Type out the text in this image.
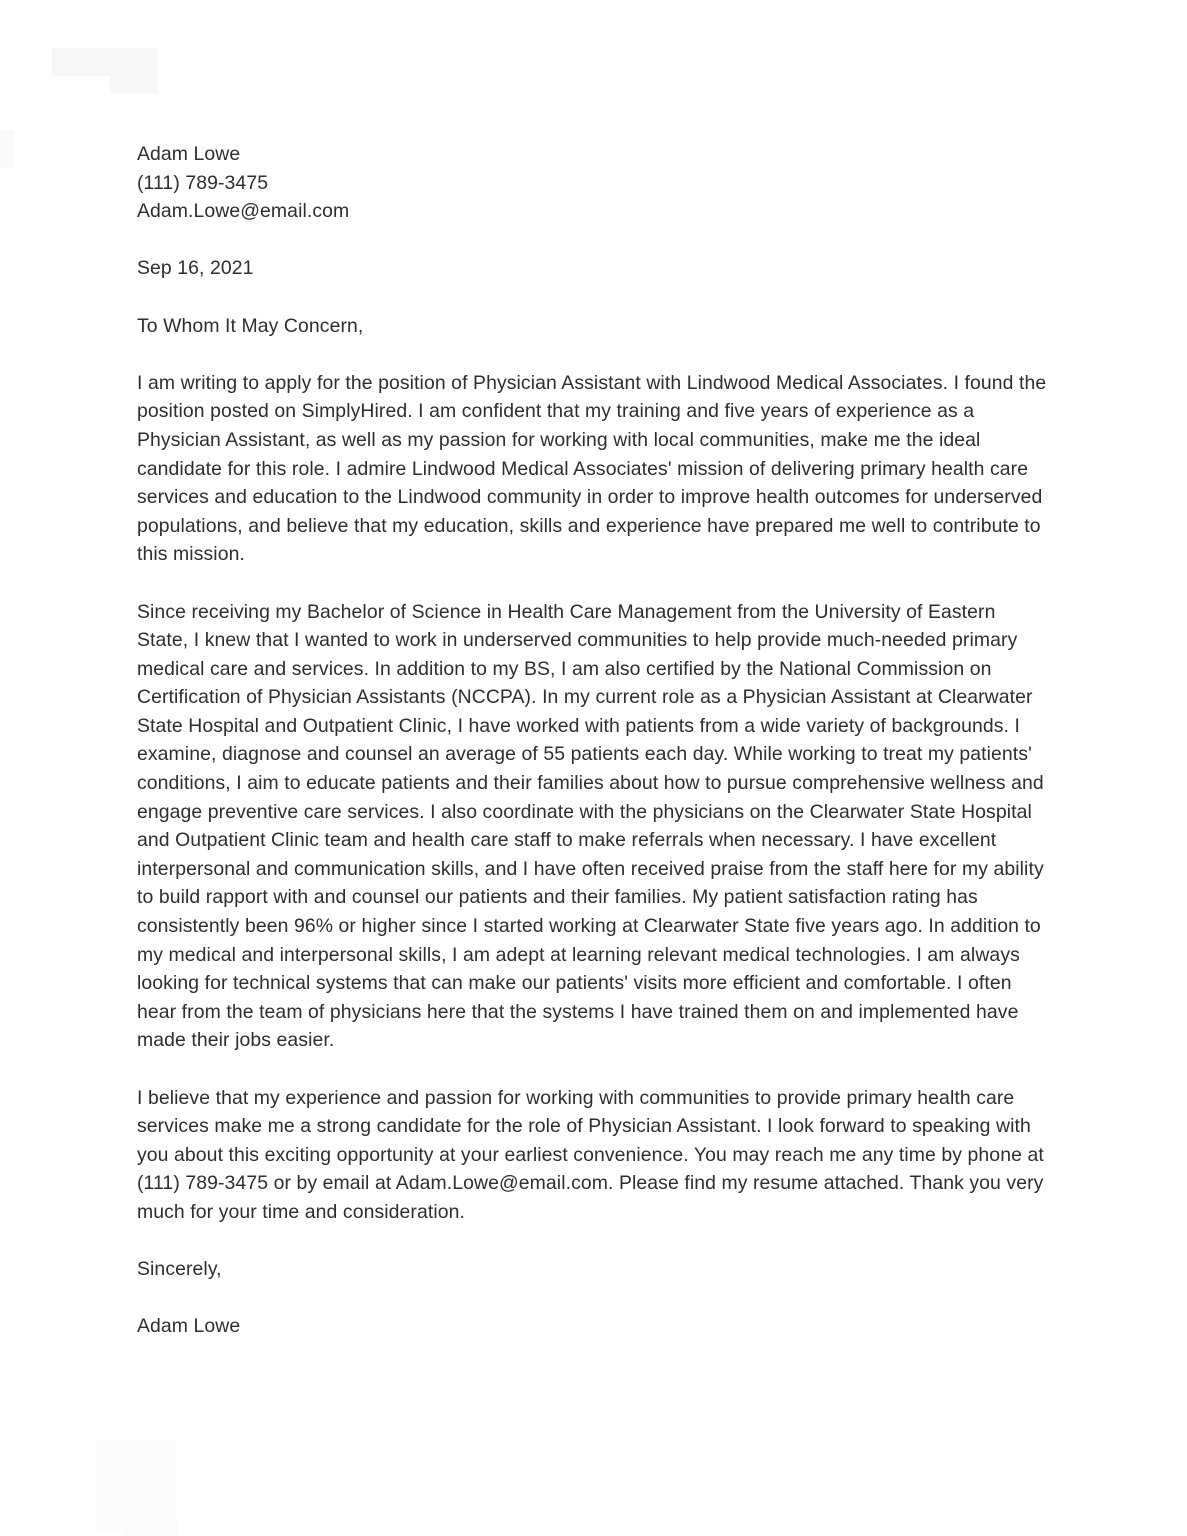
Adam Lowe
(111) 789-3475
Adam.Lowe@email.com

Sep 16, 2021

To Whom It May Concern,

I am writing to apply for the position of Physician Assistant with Lindwood Medical Associates. I found the position posted on SimplyHired. I am confident that my training and five years of experience as a Physician Assistant, as well as my passion for working with local communities, make me the ideal candidate for this role. I admire Lindwood Medical Associates' mission of delivering primary health care services and education to the Lindwood community in order to improve health outcomes for underserved populations, and believe that my education, skills and experience have prepared me well to contribute to this mission.

Since receiving my Bachelor of Science in Health Care Management from the University of Eastern State, I knew that I wanted to work in underserved communities to help provide much-needed primary medical care and services. In addition to my BS, I am also certified by the National Commission on Certification of Physician Assistants (NCCPA). In my current role as a Physician Assistant at Clearwater State Hospital and Outpatient Clinic, I have worked with patients from a wide variety of backgrounds. I examine, diagnose and counsel an average of 55 patients each day. While working to treat my patients' conditions, I aim to educate patients and their families about how to pursue comprehensive wellness and engage preventive care services. I also coordinate with the physicians on the Clearwater State Hospital and Outpatient Clinic team and health care staff to make referrals when necessary. I have excellent interpersonal and communication skills, and I have often received praise from the staff here for my ability to build rapport with and counsel our patients and their families. My patient satisfaction rating has consistently been 96% or higher since I started working at Clearwater State five years ago. In addition to my medical and interpersonal skills, I am adept at learning relevant medical technologies. I am always looking for technical systems that can make our patients' visits more efficient and comfortable. I often hear from the team of physicians here that the systems I have trained them on and implemented have made their jobs easier.

I believe that my experience and passion for working with communities to provide primary health care services make me a strong candidate for the role of Physician Assistant. I look forward to speaking with you about this exciting opportunity at your earliest convenience. You may reach me any time by phone at (111) 789-3475 or by email at Adam.Lowe@email.com. Please find my resume attached. Thank you very much for your time and consideration.

Sincerely,

Adam Lowe
